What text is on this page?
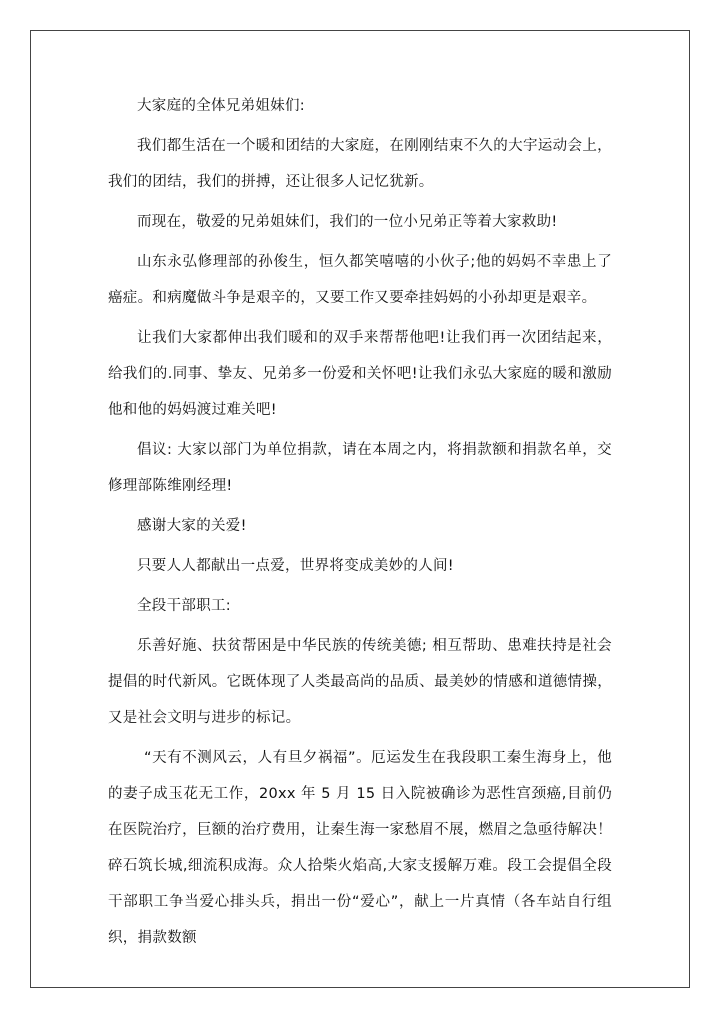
大家庭的全体兄弟姐妹们:

我们都生活在一个暖和团结的大家庭，在刚刚结束不久的大宇运动会上，我们的团结，我们的拼搏，还让很多人记忆犹新。

而现在，敬爱的兄弟姐妹们，我们的一位小兄弟正等着大家救助!

山东永弘修理部的孙俊生，恒久都笑嘻嘻的小伙子;他的妈妈不幸患上了癌症。和病魔做斗争是艰辛的，又要工作又要牵挂妈妈的小孙却更是艰辛。

让我们大家都伸出我们暖和的双手来帮帮他吧!让我们再一次团结起来，给我们的.同事、挚友、兄弟多一份爱和关怀吧!让我们永弘大家庭的暖和激励他和他的妈妈渡过难关吧!

倡议: 大家以部门为单位捐款，请在本周之内，将捐款额和捐款名单，交修理部陈维刚经理!

感谢大家的关爱!

只要人人都献出一点爱，世界将变成美妙的人间!

全段干部职工:

乐善好施、扶贫帮困是中华民族的传统美德; 相互帮助、患难扶持是社会提倡的时代新风。它既体现了人类最高尚的品质、最美妙的情感和道德情操，又是社会文明与进步的标记。

“天有不测风云，人有旦夕祸福”。厄运发生在我段职工秦生海身上，他的妻子成玉花无工作，20xx 年 5 月 15 日入院被确诊为恶性宫颈癌,目前仍在医院治疗，巨额的治疗费用，让秦生海一家愁眉不展，燃眉之急亟待解决！碎石筑长城,细流积成海。众人拾柴火焰高,大家支援解万难。段工会提倡全段干部职工争当爱心排头兵，捐出一份“爱心”，献上一片真情（各车站自行组织，捐款数额
